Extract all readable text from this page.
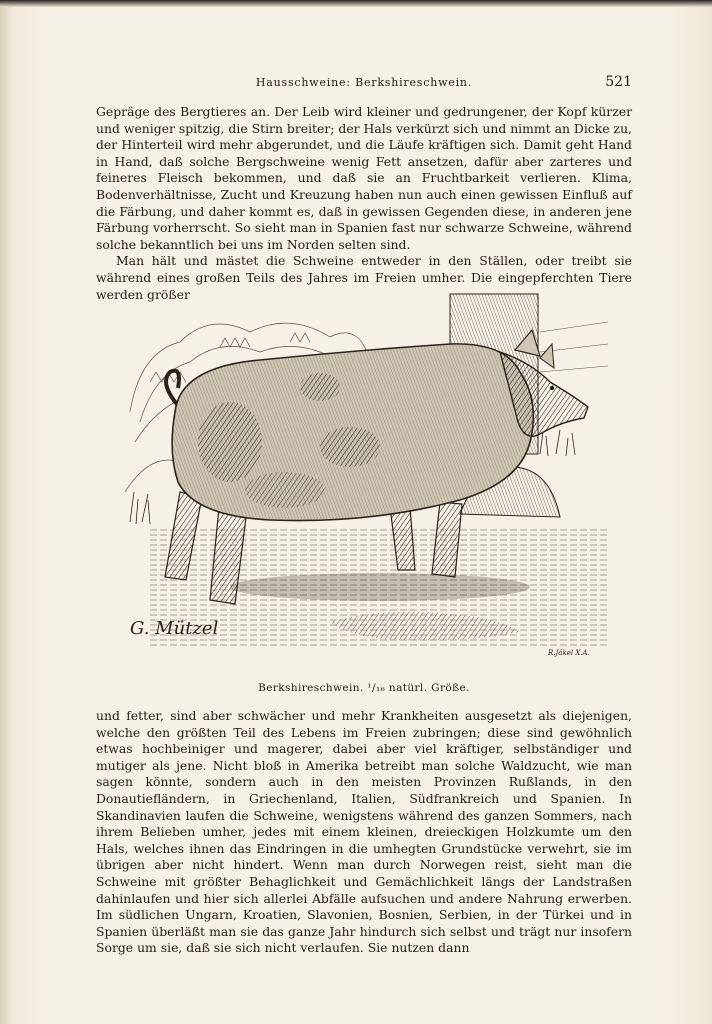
Hausschweine: Berkshireschwein.	521

Gepräge des Bergtieres an. Der Leib wird kleiner und gedrungener, der Kopf kürzer und weniger spitzig, die Stirn breiter; der Hals verkürzt sich und nimmt an Dicke zu, der Hinterteil wird mehr abgerundet, und die Läufe kräftigen sich. Damit geht Hand in Hand, daß solche Bergschweine wenig Fett ansetzen, dafür aber zarteres und feineres Fleisch bekommen, und daß sie an Fruchtbarkeit verlieren. Klima, Bodenverhältnisse, Zucht und Kreuzung haben nun auch einen gewissen Einfluß auf die Färbung, und daher kommt es, daß in gewissen Gegenden diese, in anderen jene Färbung vorherrscht. So sieht man in Spanien fast nur schwarze Schweine, während solche bekanntlich bei uns im Norden selten sind.

Man hält und mästet die Schweine entweder in den Ställen, oder treibt sie während eines großen Teils des Jahres im Freien umher. Die eingepferchten Tiere werden größer

G. Mützel
R.Jäkel X.A.
Berkshireschwein. ¹/₁₆ natürl. Größe.

und fetter, sind aber schwächer und mehr Krankheiten ausgesetzt als diejenigen, welche den größten Teil des Lebens im Freien zubringen; diese sind gewöhnlich etwas hochbeiniger und magerer, dabei aber viel kräftiger, selbständiger und mutiger als jene. Nicht bloß in Amerika betreibt man solche Waldzucht, wie man sagen könnte, sondern auch in den meisten Provinzen Rußlands, in den Donautiefländern, in Griechenland, Italien, Südfrankreich und Spanien. In Skandinavien laufen die Schweine, wenigstens während des ganzen Sommers, nach ihrem Belieben umher, jedes mit einem kleinen, dreieckigen Holzkumte um den Hals, welches ihnen das Eindringen in die umhegten Grundstücke verwehrt, sie im übrigen aber nicht hindert. Wenn man durch Norwegen reist, sieht man die Schweine mit größter Behaglichkeit und Gemächlichkeit längs der Landstraßen dahinlaufen und hier sich allerlei Abfälle aufsuchen und andere Nahrung erwerben. Im südlichen Ungarn, Kroatien, Slavonien, Bosnien, Serbien, in der Türkei und in Spanien überläßt man sie das ganze Jahr hindurch sich selbst und trägt nur insofern Sorge um sie, daß sie sich nicht verlaufen. Sie nutzen dann
